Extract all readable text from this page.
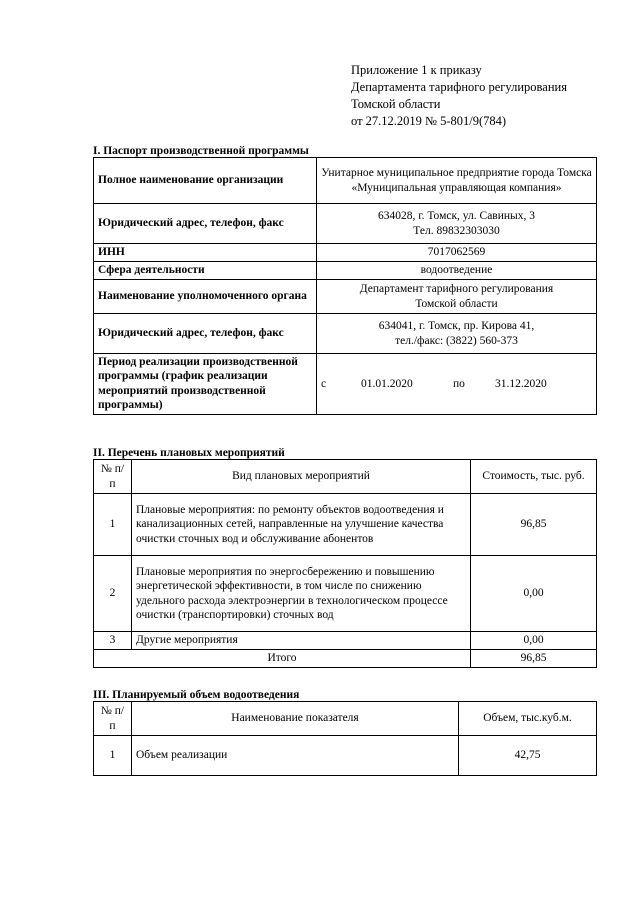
Приложение 1 к приказу
Департамента тарифного регулирования
Томской области
от 27.12.2019 № 5-801/9(784)
I. Паспорт производственной программы
Полное наименование организации	Унитарное муниципальное предприятие города Томска «Муниципальная управляющая компания»
Юридический адрес, телефон, факс	634028, г. Томск, ул. Савиных, 3
Тел. 89832303030

ИНН	7017062569
Сфера деятельности	водоотведение
Наименование уполномоченного органа	Департамент тарифного регулирования
Томской области

Юридический адрес, телефон, факс	634041, г. Томск, пр. Кирова 41,
тел./факс: (3822) 560-373

Период реализации производственной программы (график реализации мероприятий производственной программы)	с 01.01.2020 по 31.12.2020
II. Перечень плановых мероприятий
№ п/п	Вид плановых мероприятий	Стоимость, тыс. руб.
1	Плановые мероприятия: по ремонту объектов водоотведения и канализационных сетей, направленные на улучшение качества очистки сточных вод и обслуживание абонентов	96,85
2	Плановые мероприятия по энергосбережению и повышению энергетической эффективности, в том числе по снижению удельного расхода электроэнергии в технологическом процессе очистки (транспортировки) сточных вод	0,00
3	Другие мероприятия	0,00
Итого		96,85
III. Планируемый объем водоотведения
№ п/п	Наименование показателя	Объем, тыс.куб.м.
1	Объем реализации	42,75
